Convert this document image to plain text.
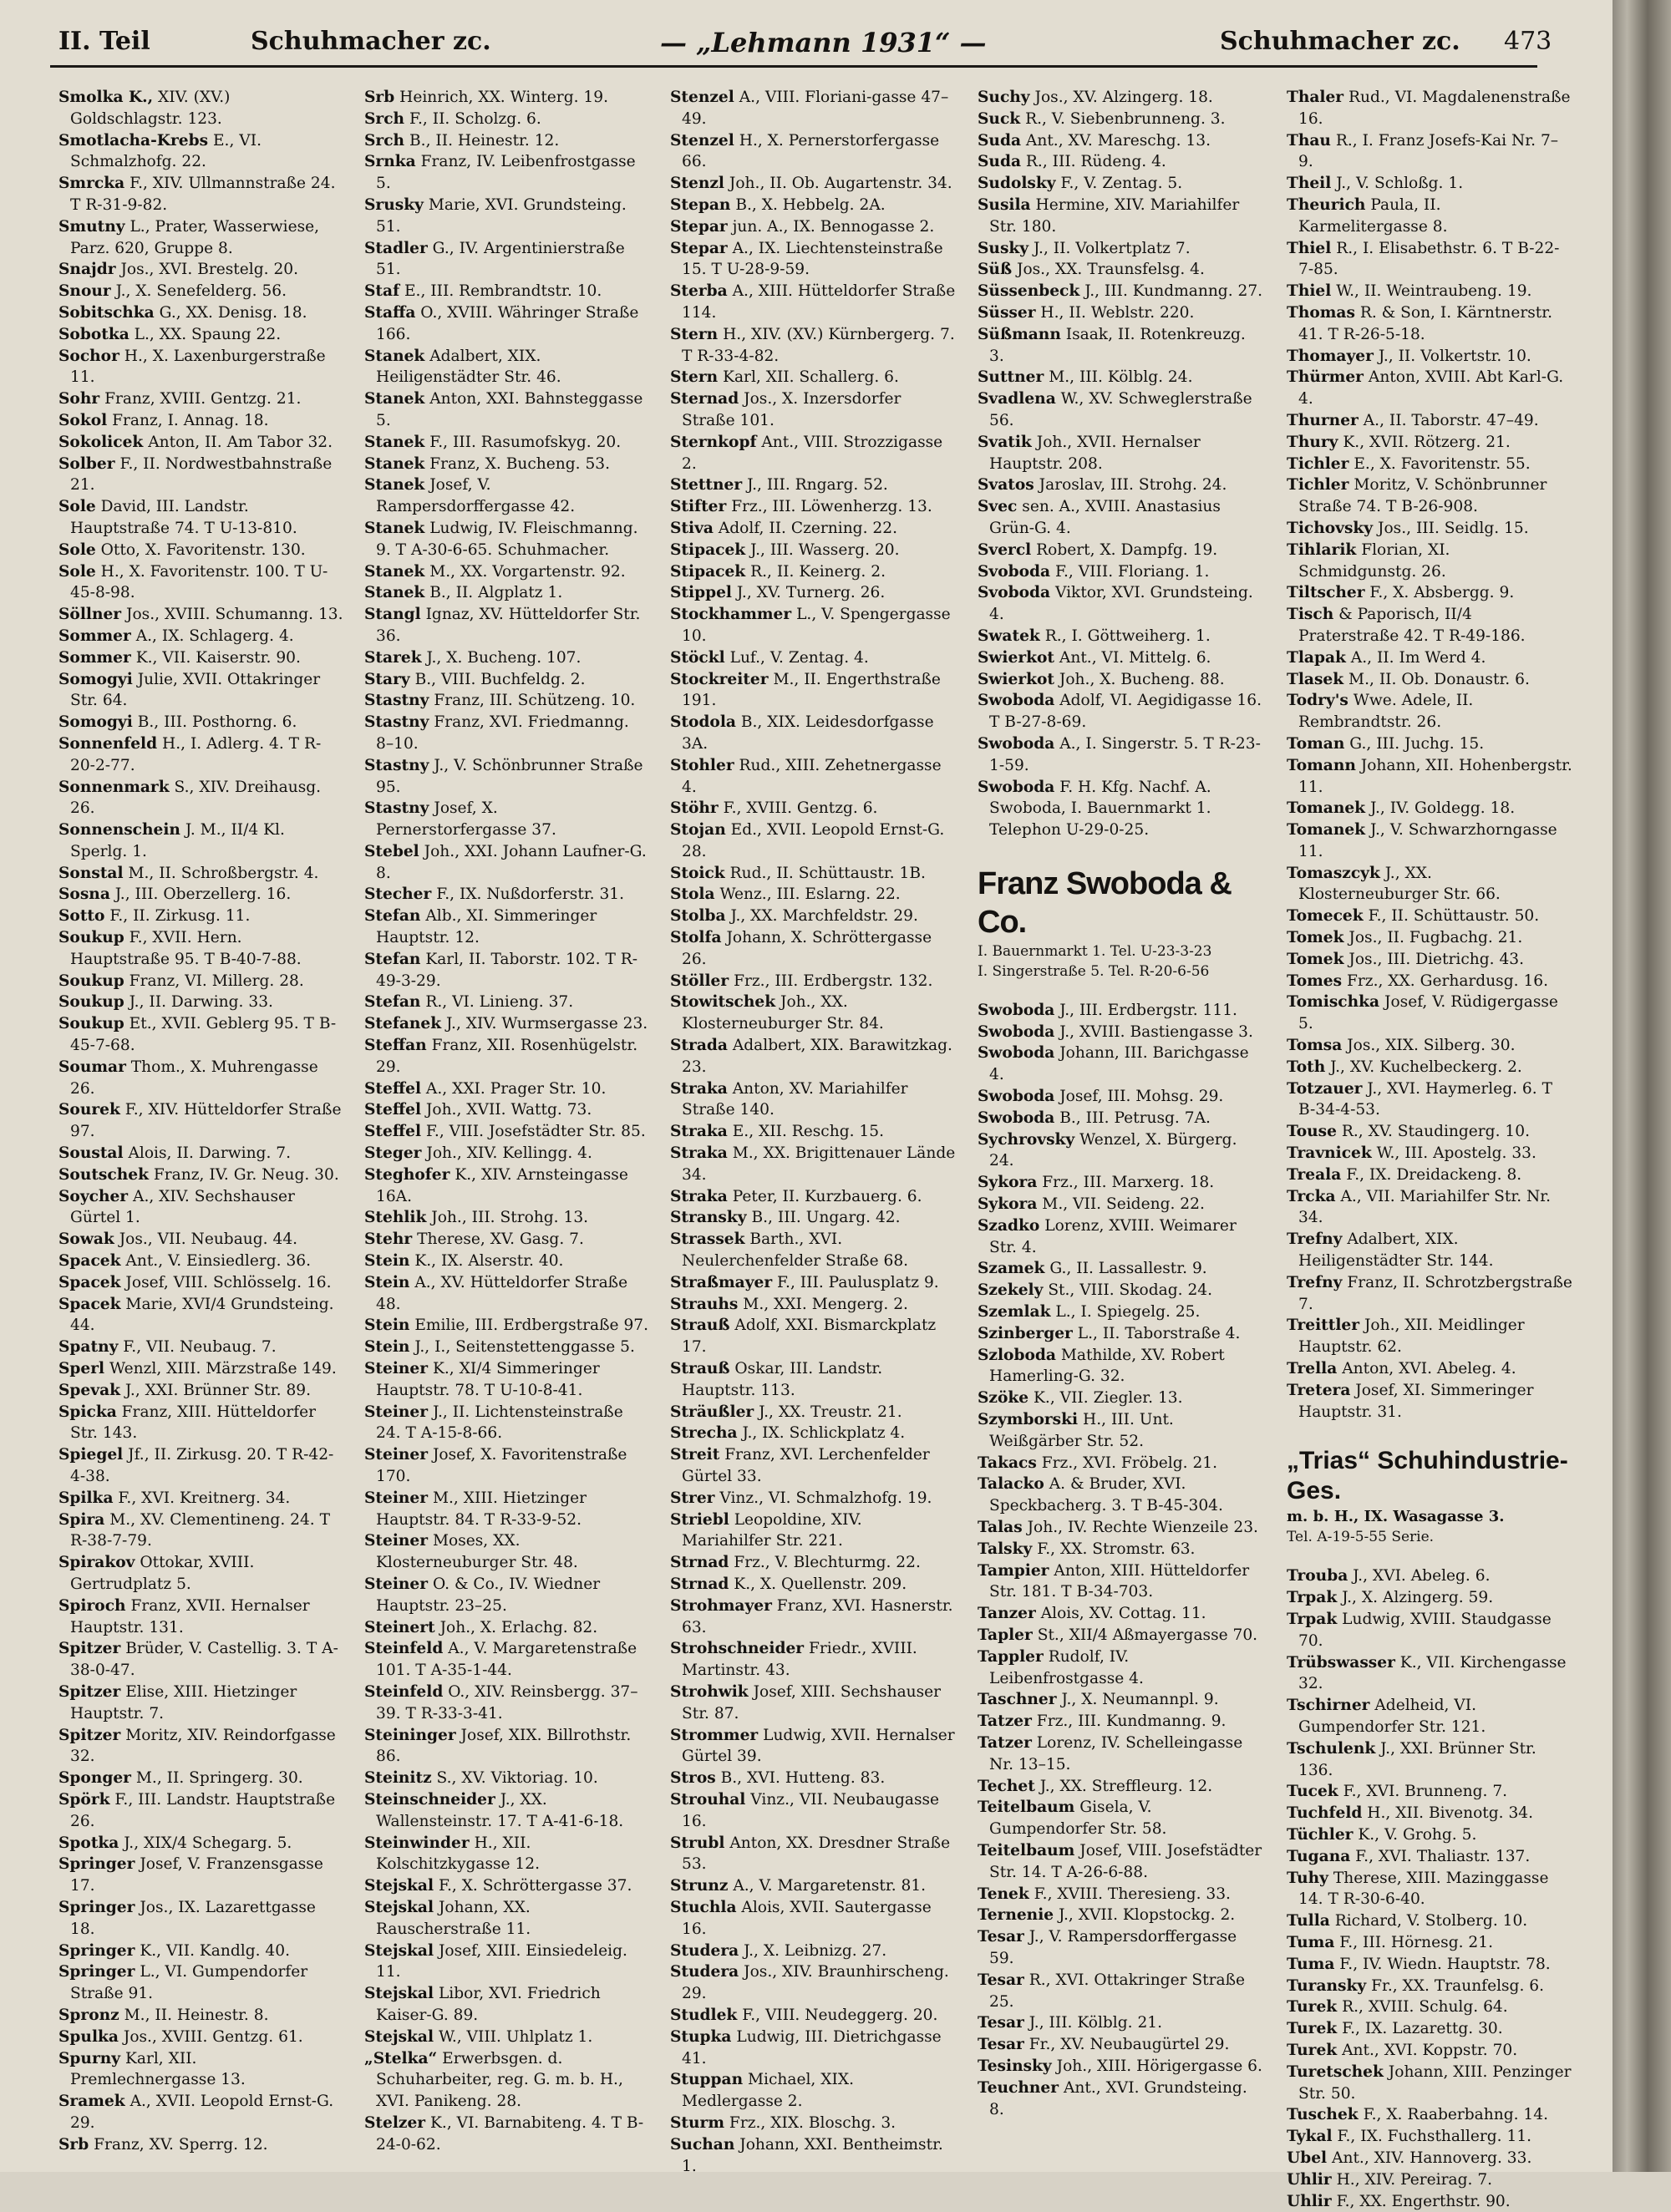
II. Teil	Schuhmacher zc.	— „Lehmann 1931“ —	Schuhmacher zc. 473
Smolka K., XIV. (XV.) Goldschlagstr. 123.
Smotlacha-Krebs E., VI. Schmalzhofg. 22.
Smrcka F., XIV. Ullmannstraße 24. T R-31-9-82.
Smutny L., Prater, Wasserwiese, Parz. 620, Gruppe 8.
Snajdr Jos., XVI. Brestelg. 20.
Snour J., X. Senefelderg. 56.
Sobitschka G., XX. Denisg. 18.
Sobotka L., XX. Spaung 22.
Sochor H., X. Laxenburgerstraße 11.
Sohr Franz, XVIII. Gentzg. 21.
Sokol Franz, I. Annag. 18.
Sokolicek Anton, II. Am Tabor 32.
Solber F., II. Nordwestbahnstraße 21.
Sole David, III. Landstr. Hauptstraße 74. T U-13-810.
Sole Otto, X. Favoritenstr. 130.
Sole H., X. Favoritenstr. 100. T U-45-8-98.
Söllner Jos., XVIII. Schumanng. 13.
Sommer A., IX. Schlagerg. 4.
Sommer K., VII. Kaiserstr. 90.
Somogyi Julie, XVII. Ottakringer Str. 64.
Somogyi B., III. Posthorng. 6.
Sonnenfeld H., I. Adlerg. 4. T R-20-2-77.
Sonnenmark S., XIV. Dreihausg. 26.
Sonnenschein J. M., II/4 Kl. Sperlg. 1.
Sonstal M., II. Schroßbergstr. 4.
Sosna J., III. Oberzellerg. 16.
Sotto F., II. Zirkusg. 11.
Soukup F., XVII. Hern. Hauptstraße 95. T B-40-7-88.
Soukup Franz, VI. Millerg. 28.
Soukup J., II. Darwing. 33.
Soukup Et., XVII. Geblerg 95. T B-45-7-68.
Soumar Thom., X. Muhrengasse 26.
Sourek F., XIV. Hütteldorfer Straße 97.
Soustal Alois, II. Darwing. 7.
Soutschek Franz, IV. Gr. Neug. 30.
Soycher A., XIV. Sechshauser Gürtel 1.
Sowak Jos., VII. Neubaug. 44.
Spacek Ant., V. Einsiedlerg. 36.
Spacek Josef, VIII. Schlösselg. 16.
Spacek Marie, XVI/4 Grundsteing. 44.
Spatny F., VII. Neubaug. 7.
Sperl Wenzl, XIII. Märzstraße 149.
Spevak J., XXI. Brünner Str. 89.
Spicka Franz, XIII. Hütteldorfer Str. 143.
Spiegel Jf., II. Zirkusg. 20. T R-42-4-38.
Spilka F., XVI. Kreitnerg. 34.
Spira M., XV. Clementineng. 24. T R-38-7-79.
Spirakov Ottokar, XVIII. Gertrudplatz 5.
Spiroch Franz, XVII. Hernalser Hauptstr. 131.
Spitzer Brüder, V. Castellig. 3. T A-38-0-47.
Spitzer Elise, XIII. Hietzinger Hauptstr. 7.
Spitzer Moritz, XIV. Reindorfgasse 32.
Sponger M., II. Springerg. 30.
Spörk F., III. Landstr. Hauptstraße 26.
Spotka J., XIX/4 Schegarg. 5.
Springer Josef, V. Franzensgasse 17.
Springer Jos., IX. Lazarettgasse 18.
Springer K., VII. Kandlg. 40.
Springer L., VI. Gumpendorfer Straße 91.
Spronz M., II. Heinestr. 8.
Spulka Jos., XVIII. Gentzg. 61.
Spurny Karl, XII. Premlechnergasse 13.
Sramek A., XVII. Leopold Ernst-G. 29.
Srb Franz, XV. Sperrg. 12.
Srb Heinrich, XX. Winterg. 19.
Srch F., II. Scholzg. 6.
Srch B., II. Heinestr. 12.
Srnka Franz, IV. Leibenfrostgasse 5.
Srusky Marie, XVI. Grundsteing. 51.
Stadler G., IV. Argentinierstraße 51.
Staf E., III. Rembrandtstr. 10.
Staffa O., XVIII. Währinger Straße 166.
Stanek Adalbert, XIX. Heiligenstädter Str. 46.
Stanek Anton, XXI. Bahnsteggasse 5.
Stanek F., III. Rasumofskyg. 20.
Stanek Franz, X. Bucheng. 53.
Stanek Josef, V. Rampersdorffergasse 42.
Stanek Ludwig, IV. Fleischmanng. 9. T A-30-6-65. Schuhmacher.
Stanek M., XX. Vorgartenstr. 92.
Stanek B., II. Algplatz 1.
Stangl Ignaz, XV. Hütteldorfer Str. 36.
Starek J., X. Bucheng. 107.
Stary B., VIII. Buchfeldg. 2.
Stastny Franz, III. Schützeng. 10.
Stastny Franz, XVI. Friedmanng. 8–10.
Stastny J., V. Schönbrunner Straße 95.
Stastny Josef, X. Pernerstorfergasse 37.
Stebel Joh., XXI. Johann Laufner-G. 8.
Stecher F., IX. Nußdorferstr. 31.
Stefan Alb., XI. Simmeringer Hauptstr. 12.
Stefan Karl, II. Taborstr. 102. T R-49-3-29.
Stefan R., VI. Linieng. 37.
Stefanek J., XIV. Wurmsergasse 23.
Steffan Franz, XII. Rosenhügelstr. 29.
Steffel A., XXI. Prager Str. 10.
Steffel Joh., XVII. Wattg. 73.
Steffel F., VIII. Josefstädter Str. 85.
Steger Joh., XIV. Kellingg. 4.
Steghofer K., XIV. Arnsteingasse 16A.
Stehlik Joh., III. Strohg. 13.
Stehr Therese, XV. Gasg. 7.
Stein K., IX. Alserstr. 40.
Stein A., XV. Hütteldorfer Straße 48.
Stein Emilie, III. Erdbergstraße 97.
Stein J., I., Seitenstettenggasse 5.
Steiner K., XI/4 Simmeringer Hauptstr. 78. T U-10-8-41.
Steiner J., II. Lichtensteinstraße 24. T A-15-8-66.
Steiner Josef, X. Favoritenstraße 170.
Steiner M., XIII. Hietzinger Hauptstr. 84. T R-33-9-52.
Steiner Moses, XX. Klosterneuburger Str. 48.
Steiner O. & Co., IV. Wiedner Hauptstr. 23–25.
Steinert Joh., X. Erlachg. 82.
Steinfeld A., V. Margaretenstraße 101. T A-35-1-44.
Steinfeld O., XIV. Reinsbergg. 37–39. T R-33-3-41.
Steininger Josef, XIX. Billrothstr. 86.
Steinitz S., XV. Viktoriag. 10.
Steinschneider J., XX. Wallensteinstr. 17. T A-41-6-18.
Steinwinder H., XII. Kolschitzkygasse 12.
Stejskal F., X. Schröttergasse 37.
Stejskal Johann, XX. Rauscherstraße 11.
Stejskal Josef, XIII. Einsiedeleig. 11.
Stejskal Libor, XVI. Friedrich Kaiser-G. 89.
Stejskal W., VIII. Uhlplatz 1.
„Stelka“ Erwerbsgen. d. Schuharbeiter, reg. G. m. b. H., XVI. Panikeng. 28.
Stelzer K., VI. Barnabiteng. 4. T B-24-0-62.
Stenzel A., VIII. Floriani-gasse 47–49.
Stenzel H., X. Pernerstorfergasse 66.
Stenzl Joh., II. Ob. Augartenstr. 34.
Stepan B., X. Hebbelg. 2A.
Stepar jun. A., IX. Bennogasse 2.
Stepar A., IX. Liechtensteinstraße 15. T U-28-9-59.
Sterba A., XIII. Hütteldorfer Straße 114.
Stern H., XIV. (XV.) Kürnbergerg. 7. T R-33-4-82.
Stern Karl, XII. Schallerg. 6.
Sternad Jos., X. Inzersdorfer Straße 101.
Sternkopf Ant., VIII. Strozzigasse 2.
Stettner J., III. Rngarg. 52.
Stifter Frz., III. Löwenherzg. 13.
Stiva Adolf, II. Czerning. 22.
Stipacek J., III. Wasserg. 20.
Stipacek R., II. Keinerg. 2.
Stippel J., XV. Turnerg. 26.
Stockhammer L., V. Spengergasse 10.
Stöckl Luf., V. Zentag. 4.
Stockreiter M., II. Engerthstraße 191.
Stodola B., XIX. Leidesdorfgasse 3A.
Stohler Rud., XIII. Zehetnergasse 4.
Stöhr F., XVIII. Gentzg. 6.
Stojan Ed., XVII. Leopold Ernst-G. 28.
Stoick Rud., II. Schüttaustr. 1B.
Stola Wenz., III. Eslarng. 22.
Stolba J., XX. Marchfeldstr. 29.
Stolfa Johann, X. Schröttergasse 26.
Stöller Frz., III. Erdbergstr. 132.
Stowitschek Joh., XX. Klosterneuburger Str. 84.
Strada Adalbert, XIX. Barawitzkag. 23.
Straka Anton, XV. Mariahilfer Straße 140.
Straka E., XII. Reschg. 15.
Straka M., XX. Brigittenauer Lände 34.
Straka Peter, II. Kurzbauerg. 6.
Stransky B., III. Ungarg. 42.
Strassek Barth., XVI. Neulerchenfelder Straße 68.
Straßmayer F., III. Paulusplatz 9.
Strauhs M., XXI. Mengerg. 2.
Strauß Adolf, XXI. Bismarckplatz 17.
Strauß Oskar, III. Landstr. Hauptstr. 113.
Sträußler J., XX. Treustr. 21.
Strecha J., IX. Schlickplatz 4.
Streit Franz, XVI. Lerchenfelder Gürtel 33.
Strer Vinz., VI. Schmalzhofg. 19.
Striebl Leopoldine, XIV. Mariahilfer Str. 221.
Strnad Frz., V. Blechturmg. 22.
Strnad K., X. Quellenstr. 209.
Strohmayer Franz, XVI. Hasnerstr. 63.
Strohschneider Friedr., XVIII. Martinstr. 43.
Strohwik Josef, XIII. Sechshauser Str. 87.
Strommer Ludwig, XVII. Hernalser Gürtel 39.
Stros B., XVI. Hutteng. 83.
Strouhal Vinz., VII. Neubaugasse 16.
Strubl Anton, XX. Dresdner Straße 53.
Strunz A., V. Margaretenstr. 81.
Stuchla Alois, XVII. Sautergasse 16.
Studera J., X. Leibnizg. 27.
Studera Jos., XIV. Braunhirscheng. 29.
Studlek F., VIII. Neudeggerg. 20.
Stupka Ludwig, III. Dietrichgasse 41.
Stuppan Michael, XIX. Medlergasse 2.
Sturm Frz., XIX. Bloschg. 3.
Suchan Johann, XXI. Bentheimstr. 1.
Suchy Jos., XV. Alzingerg. 18.
Suck R., V. Siebenbrunneng. 3.
Suda Ant., XV. Mareschg. 13.
Suda R., III. Rüdeng. 4.
Sudolsky F., V. Zentag. 5.
Susila Hermine, XIV. Mariahilfer Str. 180.
Susky J., II. Volkertplatz 7.
Süß Jos., XX. Traunsfelsg. 4.
Süssenbeck J., III. Kundmanng. 27.
Süsser H., II. Weblstr. 220.
Süßmann Isaak, II. Rotenkreuzg. 3.
Suttner M., III. Kölblg. 24.
Svadlena W., XV. Schweglerstraße 56.
Svatik Joh., XVII. Hernalser Hauptstr. 208.
Svatos Jaroslav, III. Strohg. 24.
Svec sen. A., XVIII. Anastasius Grün-G. 4.
Svercl Robert, X. Dampfg. 19.
Svoboda F., VIII. Floriang. 1.
Svoboda Viktor, XVI. Grundsteing. 4.
Swatek R., I. Göttweiherg. 1.
Swierkot Ant., VI. Mittelg. 6.
Swierkot Joh., X. Bucheng. 88.
Swoboda Adolf, VI. Aegidigasse 16. T B-27-8-69.
Swoboda A., I. Singerstr. 5. T R-23-1-59.
Swoboda F. H. Kfg. Nachf. A. Swoboda, I. Bauernmarkt 1. Telephon U-29-0-25.
Franz Swoboda & Co.
I. Bauernmarkt 1. Tel. U-23-3-23
I. Singerstraße 5. Tel. R-20-6-56
Swoboda J., III. Erdbergstr. 111.
Swoboda J., XVIII. Bastiengasse 3.
Swoboda Johann, III. Barichgasse 4.
Swoboda Josef, III. Mohsg. 29.
Swoboda B., III. Petrusg. 7A.
Sychrovsky Wenzel, X. Bürgerg. 24.
Sykora Frz., III. Marxerg. 18.
Sykora M., VII. Seideng. 22.
Szadko Lorenz, XVIII. Weimarer Str. 4.
Szamek G., II. Lassallestr. 9.
Szekely St., VIII. Skodag. 24.
Szemlak L., I. Spiegelg. 25.
Szinberger L., II. Taborstraße 4.
Szloboda Mathilde, XV. Robert Hamerling-G. 32.
Szöke K., VII. Ziegler. 13.
Szymborski H., III. Unt. Weißgärber Str. 52.
Takacs Frz., XVI. Fröbelg. 21.
Talacko A. & Bruder, XVI. Speckbacherg. 3. T B-45-304.
Talas Joh., IV. Rechte Wienzeile 23.
Talsky F., XX. Stromstr. 63.
Tampier Anton, XIII. Hütteldorfer Str. 181. T B-34-703.
Tanzer Alois, XV. Cottag. 11.
Tapler St., XII/4 Aßmayergasse 70.
Tappler Rudolf, IV. Leibenfrostgasse 4.
Taschner J., X. Neumannpl. 9.
Tatzer Frz., III. Kundmanng. 9.
Tatzer Lorenz, IV. Schelleingasse Nr. 13–15.
Techet J., XX. Streffleurg. 12.
Teitelbaum Gisela, V. Gumpendorfer Str. 58.
Teitelbaum Josef, VIII. Josefstädter Str. 14. T A-26-6-88.
Tenek F., XVIII. Theresieng. 33.
Ternenie J., XVII. Klopstockg. 2.
Tesar J., V. Rampersdorffergasse 59.
Tesar R., XVI. Ottakringer Straße 25.
Tesar J., III. Kölblg. 21.
Tesar Fr., XV. Neubaugürtel 29.
Tesinsky Joh., XIII. Hörigergasse 6.
Teuchner Ant., XVI. Grundsteing. 8.
Thaler Rud., VI. Magdalenenstraße 16.
Thau R., I. Franz Josefs-Kai Nr. 7–9.
Theil J., V. Schloßg. 1.
Theurich Paula, II. Karmelitergasse 8.
Thiel R., I. Elisabethstr. 6. T B-22-7-85.
Thiel W., II. Weintraubeng. 19.
Thomas R. & Son, I. Kärntnerstr. 41. T R-26-5-18.
Thomayer J., II. Volkertstr. 10.
Thürmer Anton, XVIII. Abt Karl-G. 4.
Thurner A., II. Taborstr. 47–49.
Thury K., XVII. Rötzerg. 21.
Tichler E., X. Favoritenstr. 55.
Tichler Moritz, V. Schönbrunner Straße 74. T B-26-908.
Tichovsky Jos., III. Seidlg. 15.
Tihlarik Florian, XI. Schmidgunstg. 26.
Tiltscher F., X. Absbergg. 9.
Tisch & Paporisch, II/4 Praterstraße 42. T R-49-186.
Tlapak A., II. Im Werd 4.
Tlasek M., II. Ob. Donaustr. 6.
Todry's Wwe. Adele, II. Rembrandtstr. 26.
Toman G., III. Juchg. 15.
Tomann Johann, XII. Hohenbergstr. 11.
Tomanek J., IV. Goldegg. 18.
Tomanek J., V. Schwarzhorngasse 11.
Tomaszcyk J., XX. Klosterneuburger Str. 66.
Tomecek F., II. Schüttaustr. 50.
Tomek Jos., II. Fugbachg. 21.
Tomek Jos., III. Dietrichg. 43.
Tomes Frz., XX. Gerhardusg. 16.
Tomischka Josef, V. Rüdigergasse 5.
Tomsa Jos., XIX. Silberg. 30.
Toth J., XV. Kuchelbeckerg. 2.
Totzauer J., XVI. Haymerleg. 6. T B-34-4-53.
Touse R., XV. Staudingerg. 10.
Travnicek W., III. Apostelg. 33.
Treala F., IX. Dreidackeng. 8.
Trcka A., VII. Mariahilfer Str. Nr. 34.
Trefny Adalbert, XIX. Heiligenstädter Str. 144.
Trefny Franz, II. Schrotzbergstraße 7.
Treittler Joh., XII. Meidlinger Hauptstr. 62.
Trella Anton, XVI. Abeleg. 4.
Tretera Josef, XI. Simmeringer Hauptstr. 31.
„Trias“ Schuhindustrie-Ges.
m. b. H., IX. Wasagasse 3.
Tel. A-19-5-55 Serie.
Trouba J., XVI. Abeleg. 6.
Trpak J., X. Alzingerg. 59.
Trpak Ludwig, XVIII. Staudgasse 70.
Trübswasser K., VII. Kirchengasse 32.
Tschirner Adelheid, VI. Gumpendorfer Str. 121.
Tschulenk J., XXI. Brünner Str. 136.
Tucek F., XVI. Brunneng. 7.
Tuchfeld H., XII. Bivenotg. 34.
Tüchler K., V. Grohg. 5.
Tugana F., XVI. Thaliastr. 137.
Tuhy Therese, XIII. Mazinggasse 14. T R-30-6-40.
Tulla Richard, V. Stolberg. 10.
Tuma F., III. Hörnesg. 21.
Tuma F., IV. Wiedn. Hauptstr. 78.
Turansky Fr., XX. Traunfelsg. 6.
Turek R., XVIII. Schulg. 64.
Turek F., IX. Lazarettg. 30.
Turek Ant., XVI. Koppstr. 70.
Turetschek Johann, XIII. Penzinger Str. 50.
Tuschek F., X. Raaberbahng. 14.
Tykal F., IX. Fuchsthallerg. 11.
Ubel Ant., XIV. Hannoverg. 33.
Uhlir H., XIV. Pereirag. 7.
Uhlir F., XX. Engerthstr. 90.
